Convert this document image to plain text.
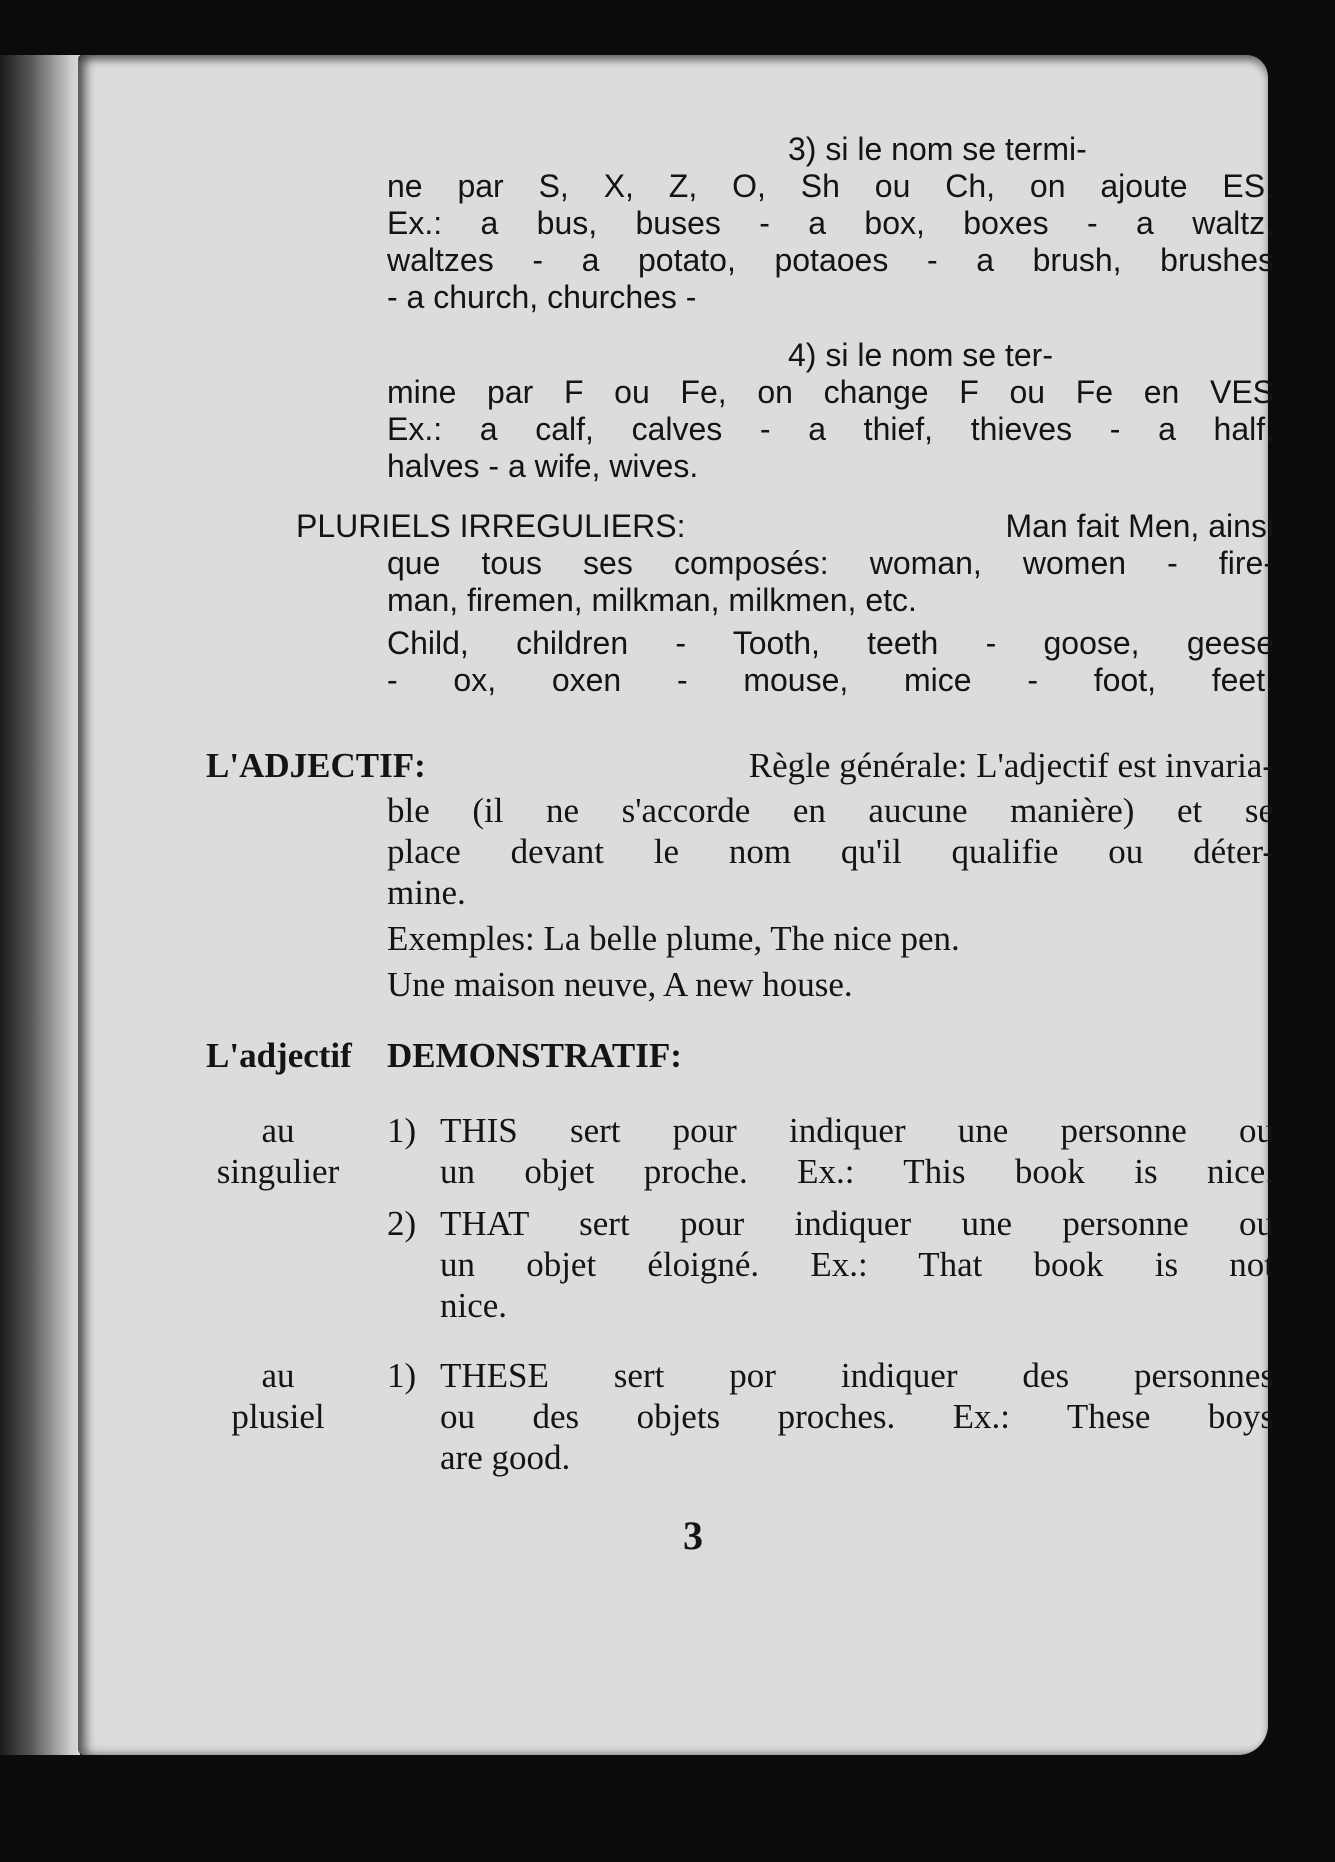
3) si le nom se termi-
ne par S, X, Z, O, Sh ou Ch, on ajoute ES.
Ex.: a bus, buses - a box, boxes - a waltz,
waltzes - a potato, potaoes - a brush, brushes
- a church, churches -
4) si le nom se ter-
mine par F ou Fe, on change F ou Fe en VES
Ex.: a calf, calves - a thief, thieves - a half,
halves - a wife, wives.
PLURIELS IRREGULIERS:	Man fait Men, ainsi
que tous ses composés: woman, women - fire-
man, firemen, milkman, milkmen, etc.
Child, children - Tooth, teeth - goose, geese
- ox, oxen - mouse, mice - foot, feet.
L'ADJECTIF:	Règle générale: L'adjectif est invaria-
ble (il ne s'accorde en aucune manière) et se
place devant le nom qu'il qualifie ou déter-
mine.
Exemples: La belle plume, The nice pen.
Une maison neuve, A new house.
L'adjectif DEMONSTRATIF:
au
singulier
1) THIS sert pour indiquer une personne ou
un objet proche. Ex.: This book is nice.
2) THAT sert pour indiquer une personne ou
un objet éloigné. Ex.: That book is not
nice.
au
plusiel
1) THESE sert por indiquer des personnes
ou des objets proches. Ex.: These boys
are good.
3
